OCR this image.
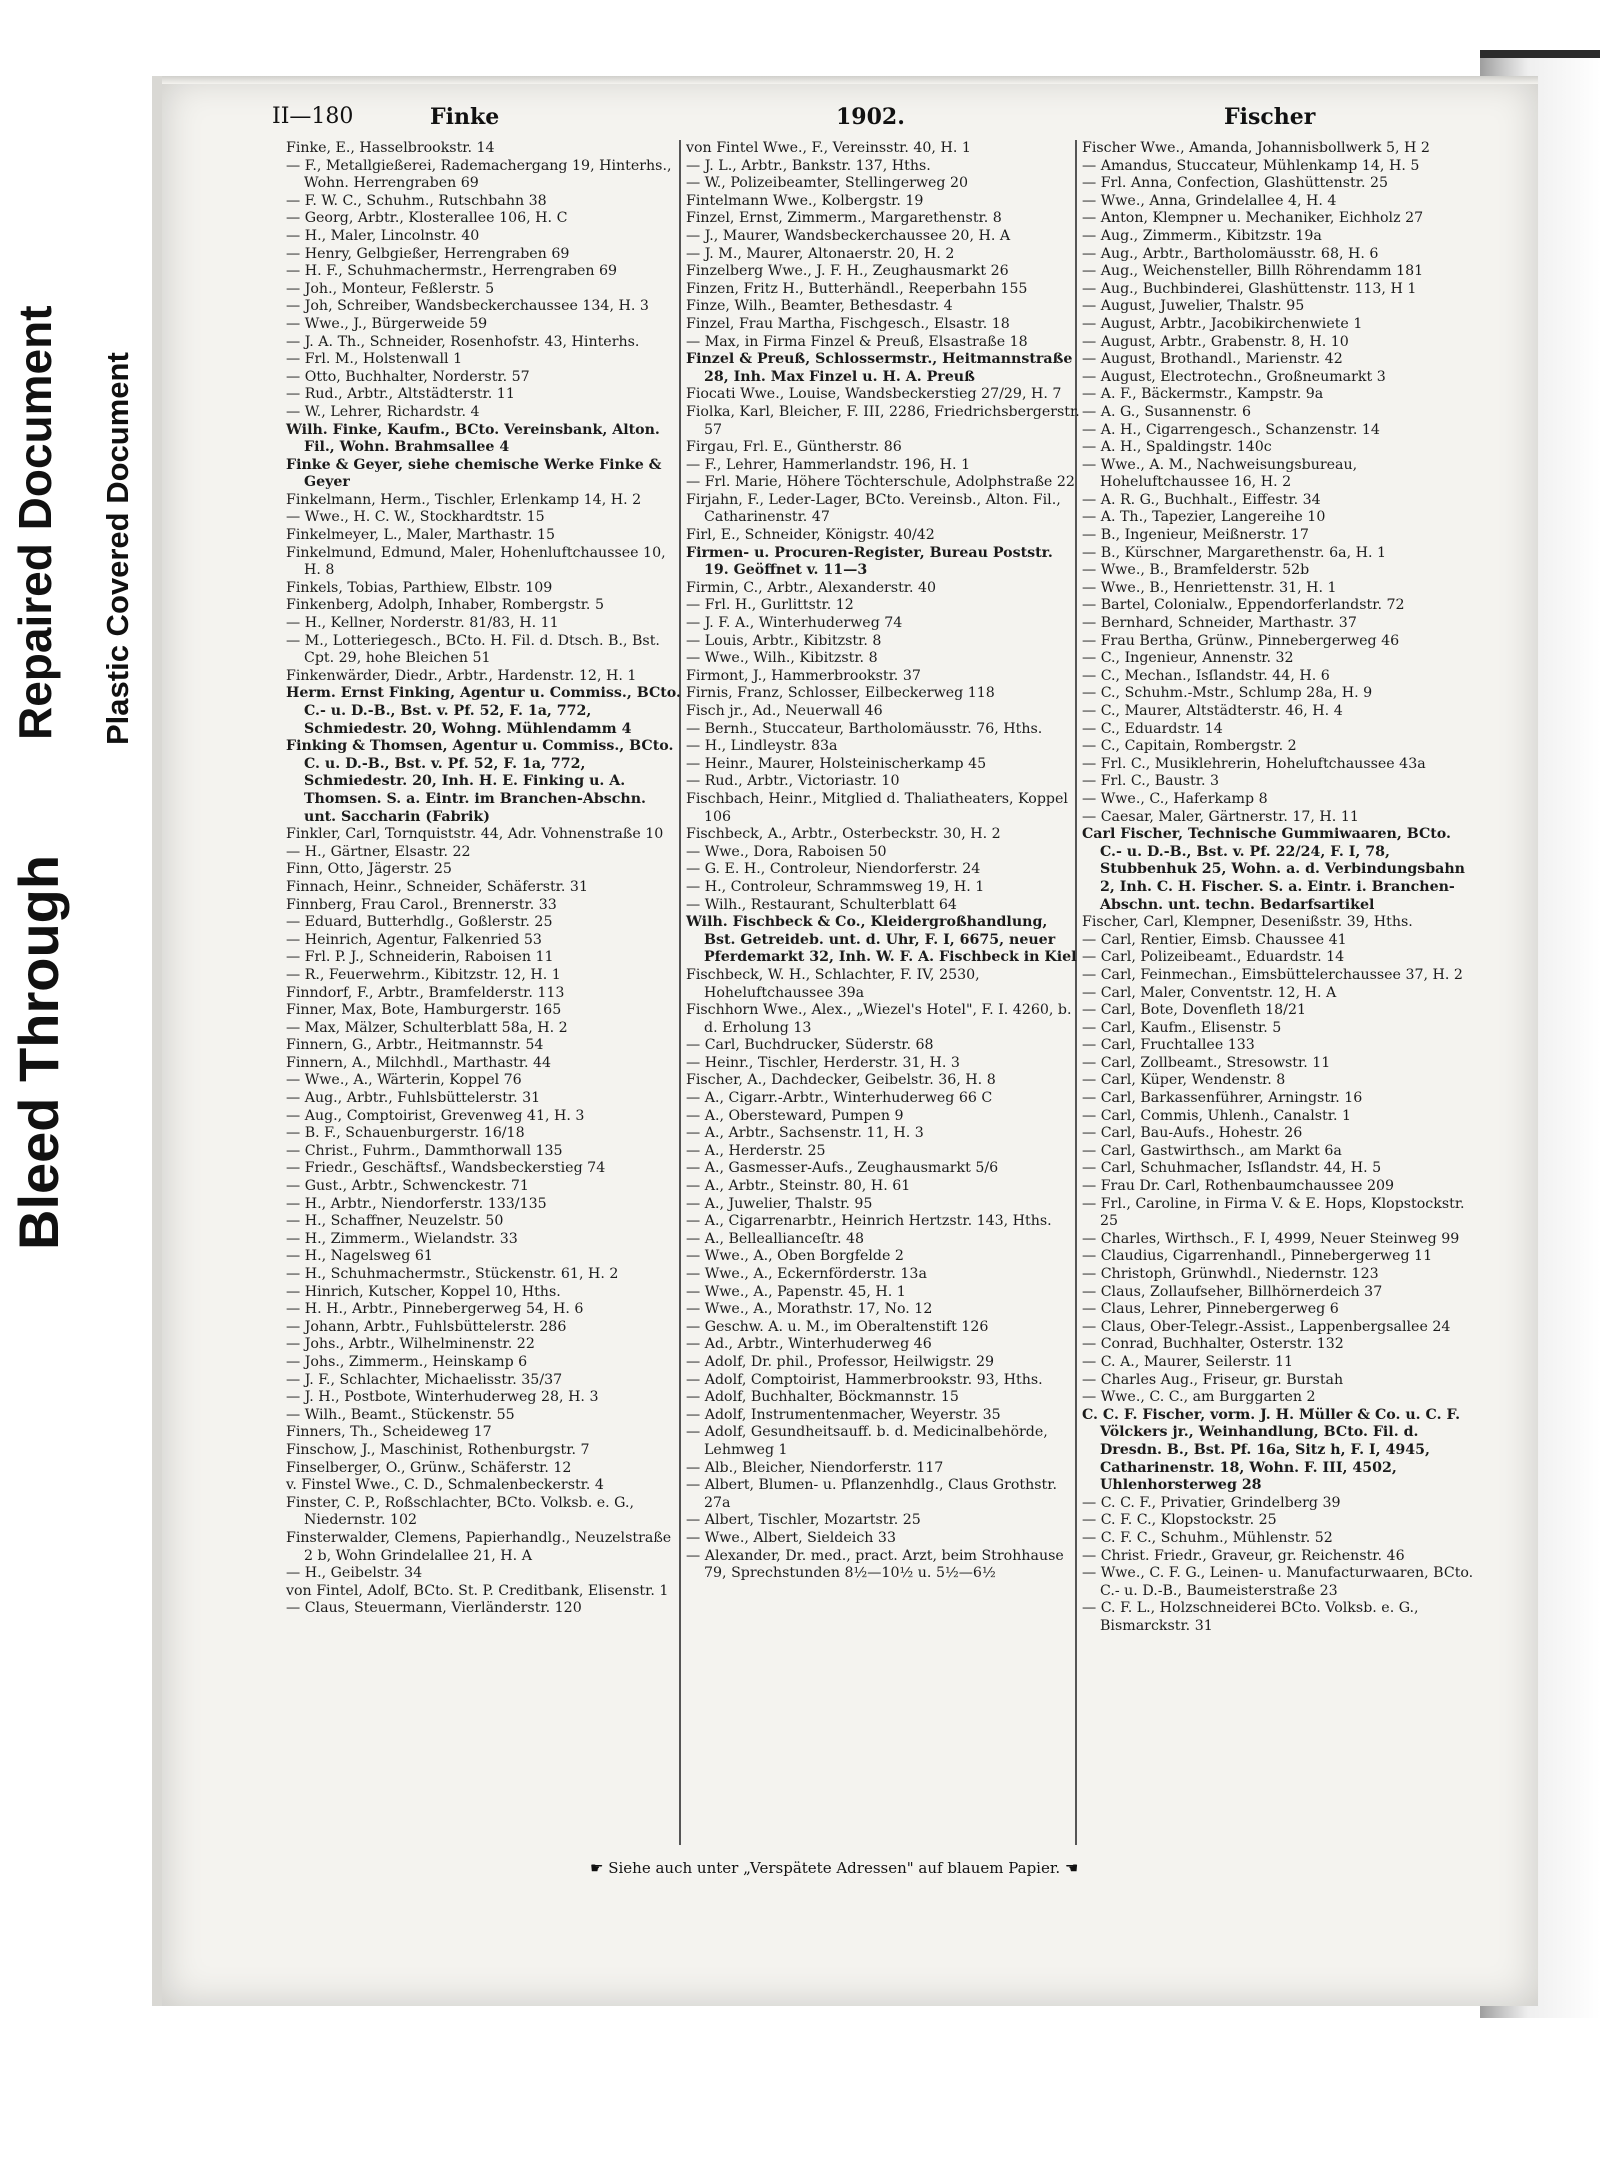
II—180	Finke	1902.	Fischer

Finke, E., Hasselbrookstr. 14

— F., Metallgießerei, Rademachergang 19, Hinterhs., Wohn. Herrengraben 69

— F. W. C., Schuhm., Rutschbahn 38

— Georg, Arbtr., Klosterallee 106, H. C

— H., Maler, Lincolnstr. 40

— Henry, Gelbgießer, Herrengraben 69

— H. F., Schuhmachermstr., Herrengraben 69

— Joh., Monteur, Feßlerstr. 5

— Joh, Schreiber, Wandsbeckerchaussee 134, H. 3

— Wwe., J., Bürgerweide 59

— J. A. Th., Schneider, Rosenhofstr. 43, Hinterhs.

— Frl. M., Holstenwall 1

— Otto, Buchhalter, Norderstr. 57

— Rud., Arbtr., Altstädterstr. 11

— W., Lehrer, Richardstr. 4

Wilh. Finke, Kaufm., BCto. Vereinsbank, Alton. Fil., Wohn. Brahmsallee 4

Finke & Geyer, siehe chemische Werke Finke & Geyer

Finkelmann, Herm., Tischler, Erlenkamp 14, H. 2

— Wwe., H. C. W., Stockhardtstr. 15

Finkelmeyer, L., Maler, Marthastr. 15

Finkelmund, Edmund, Maler, Hohenluftchaussee 10, H. 8

Finkels, Tobias, Parthiew, Elbstr. 109

Finkenberg, Adolph, Inhaber, Rombergstr. 5

— H., Kellner, Norderstr. 81/83, H. 11

— M., Lotteriegesch., BCto. H. Fil. d. Dtsch. B., Bst. Cpt. 29, hohe Bleichen 51

Finkenwärder, Diedr., Arbtr., Hardenstr. 12, H. 1

Herm. Ernst Finking, Agentur u. Commiss., BCto. C.- u. D.-B., Bst. v. Pf. 52, F. 1a, 772, Schmiedestr. 20, Wohng. Mühlendamm 4

Finking & Thomsen, Agentur u. Commiss., BCto. C. u. D.-B., Bst. v. Pf. 52, F. 1a, 772, Schmiedestr. 20, Inh. H. E. Finking u. A. Thomsen. S. a. Eintr. im Branchen-Abschn. unt. Saccharin (Fabrik)

Finkler, Carl, Tornquiststr. 44, Adr. Vohnenstraße 10

— H., Gärtner, Elsastr. 22

Finn, Otto, Jägerstr. 25

Finnach, Heinr., Schneider, Schäferstr. 31

Finnberg, Frau Carol., Brennerstr. 33

— Eduard, Butterhdlg., Goßlerstr. 25

— Heinrich, Agentur, Falkenried 53

— Frl. P. J., Schneiderin, Raboisen 11

— R., Feuerwehrm., Kibitzstr. 12, H. 1

Finndorf, F., Arbtr., Bramfelderstr. 113

Finner, Max, Bote, Hamburgerstr. 165

— Max, Mälzer, Schulterblatt 58a, H. 2

Finnern, G., Arbtr., Heitmannstr. 54

Finnern, A., Milchhdl., Marthastr. 44

— Wwe., A., Wärterin, Koppel 76

— Aug., Arbtr., Fuhlsbüttelerstr. 31

— Aug., Comptoirist, Grevenweg 41, H. 3

— B. F., Schauenburgerstr. 16/18

— Christ., Fuhrm., Dammthorwall 135

— Friedr., Geschäftsf., Wandsbeckerstieg 74

— Gust., Arbtr., Schwenckestr. 71

— H., Arbtr., Niendorferstr. 133/135

— H., Schaffner, Neuzelstr. 50

— H., Zimmerm., Wielandstr. 33

— H., Nagelsweg 61

— H., Schuhmachermstr., Stückenstr. 61, H. 2

— Hinrich, Kutscher, Koppel 10, Hths.

— H. H., Arbtr., Pinnebergerweg 54, H. 6

— Johann, Arbtr., Fuhlsbüttelerstr. 286

— Johs., Arbtr., Wilhelminenstr. 22

— Johs., Zimmerm., Heinskamp 6

— J. F., Schlachter, Michaelisstr. 35/37

— J. H., Postbote, Winterhuderweg 28, H. 3

— Wilh., Beamt., Stückenstr. 55

Finners, Th., Scheideweg 17

Finschow, J., Maschinist, Rothenburgstr. 7

Finselberger, O., Grünw., Schäferstr. 12

v. Finstel Wwe., C. D., Schmalenbeckerstr. 4

Finster, C. P., Roßschlachter, BCto. Volksb. e. G., Niedernstr. 102

Finsterwalder, Clemens, Papierhandlg., Neuzelstraße 2 b, Wohn Grindelallee 21, H. A

— H., Geibelstr. 34

von Fintel, Adolf, BCto. St. P. Creditbank, Elisenstr. 1

— Claus, Steuermann, Vierländerstr. 120

von Fintel Wwe., F., Vereinsstr. 40, H. 1

— J. L., Arbtr., Bankstr. 137, Hths.

— W., Polizeibeamter, Stellingerweg 20

Fintelmann Wwe., Kolbergstr. 19

Finzel, Ernst, Zimmerm., Margarethenstr. 8

— J., Maurer, Wandsbeckerchaussee 20, H. A

— J. M., Maurer, Altonaerstr. 20, H. 2

Finzelberg Wwe., J. F. H., Zeughausmarkt 26

Finzen, Fritz H., Butterhändl., Reeperbahn 155

Finze, Wilh., Beamter, Bethesdastr. 4

Finzel, Frau Martha, Fischgesch., Elsastr. 18

— Max, in Firma Finzel & Preuß, Elsastraße 18

Finzel & Preuß, Schlossermstr., Heitmannstraße 28, Inh. Max Finzel u. H. A. Preuß

Fiocati Wwe., Louise, Wandsbeckerstieg 27/29, H. 7

Fiolka, Karl, Bleicher, F. III, 2286, Friedrichsbergerstr. 57

Firgau, Frl. E., Güntherstr. 86

— F., Lehrer, Hammerlandstr. 196, H. 1

— Frl. Marie, Höhere Töchterschule, Adolphstraße 22

Firjahn, F., Leder-Lager, BCto. Vereinsb., Alton. Fil., Catharinenstr. 47

Firl, E., Schneider, Königstr. 40/42

Firmen- u. Procuren-Register, Bureau Poststr. 19. Geöffnet v. 11—3

Firmin, C., Arbtr., Alexanderstr. 40

— Frl. H., Gurlittstr. 12

— J. F. A., Winterhuderweg 74

— Louis, Arbtr., Kibitzstr. 8

— Wwe., Wilh., Kibitzstr. 8

Firmont, J., Hammerbrookstr. 37

Firnis, Franz, Schlosser, Eilbeckerweg 118

Fisch jr., Ad., Neuerwall 46

— Bernh., Stuccateur, Bartholomäusstr. 76, Hths.

— H., Lindleystr. 83a

— Heinr., Maurer, Holsteinischerkamp 45

— Rud., Arbtr., Victoriastr. 10

Fischbach, Heinr., Mitglied d. Thaliatheaters, Koppel 106

Fischbeck, A., Arbtr., Osterbeckstr. 30, H. 2

— Wwe., Dora, Raboisen 50

— G. E. H., Controleur, Niendorferstr. 24

— H., Controleur, Schrammsweg 19, H. 1

— Wilh., Restaurant, Schulterblatt 64

Wilh. Fischbeck & Co., Kleidergroßhandlung, Bst. Getreideb. unt. d. Uhr, F. I, 6675, neuer Pferdemarkt 32, Inh. W. F. A. Fischbeck in Kiel

Fischbeck, W. H., Schlachter, F. IV, 2530, Hoheluftchaussee 39a

Fischhorn Wwe., Alex., „Wiezel's Hotel", F. I. 4260, b. d. Erholung 13

— Carl, Buchdrucker, Süderstr. 68

— Heinr., Tischler, Herderstr. 31, H. 3

Fischer, A., Dachdecker, Geibelstr. 36, H. 8

— A., Cigarr.-Arbtr., Winterhuderweg 66 C

— A., Obersteward, Pumpen 9

— A., Arbtr., Sachsenstr. 11, H. 3

— A., Herderstr. 25

— A., Gasmesser-Aufs., Zeughausmarkt 5/6

— A., Arbtr., Steinstr. 80, H. 61

— A., Juwelier, Thalstr. 95

— A., Cigarrenarbtr., Heinrich Hertzstr. 143, Hths.

— A., Belleallianceſtr. 48

— Wwe., A., Oben Borgfelde 2

— Wwe., A., Eckernförderstr. 13a

— Wwe., A., Papenstr. 45, H. 1

— Wwe., A., Morathstr. 17, No. 12

— Geschw. A. u. M., im Oberaltenstift 126

— Ad., Arbtr., Winterhuderweg 46

— Adolf, Dr. phil., Professor, Heilwigstr. 29

— Adolf, Comptoirist, Hammerbrookstr. 93, Hths.

— Adolf, Buchhalter, Böckmannstr. 15

— Adolf, Instrumentenmacher, Weyerstr. 35

— Adolf, Gesundheitsauff. b. d. Medicinalbehörde, Lehmweg 1

— Alb., Bleicher, Niendorferstr. 117

— Albert, Blumen- u. Pflanzenhdlg., Claus Grothstr. 27a

— Albert, Tischler, Mozartstr. 25

— Wwe., Albert, Sieldeich 33

— Alexander, Dr. med., pract. Arzt, beim Strohhause 79, Sprechstunden 8½—10½ u. 5½—6½

Fischer Wwe., Amanda, Johannisbollwerk 5, H 2

— Amandus, Stuccateur, Mühlenkamp 14, H. 5

— Frl. Anna, Confection, Glashüttenstr. 25

— Wwe., Anna, Grindelallee 4, H. 4

— Anton, Klempner u. Mechaniker, Eichholz 27

— Aug., Zimmerm., Kibitzstr. 19a

— Aug., Arbtr., Bartholomäusstr. 68, H. 6

— Aug., Weichensteller, Billh Röhrendamm 181

— Aug., Buchbinderei, Glashüttenstr. 113, H 1

— August, Juwelier, Thalstr. 95

— August, Arbtr., Jacobikirchenwiete 1

— August, Arbtr., Grabenstr. 8, H. 10

— August, Brothandl., Marienstr. 42

— August, Electrotechn., Großneumarkt 3

— A. F., Bäckermstr., Kampstr. 9a

— A. G., Susannenstr. 6

— A. H., Cigarrengesch., Schanzenstr. 14

— A. H., Spaldingstr. 140c

— Wwe., A. M., Nachweisungsbureau, Hoheluftchaussee 16, H. 2

— A. R. G., Buchhalt., Eiffestr. 34

— A. Th., Tapezier, Langereihe 10

— B., Ingenieur, Meißnerstr. 17

— B., Kürschner, Margarethenstr. 6a, H. 1

— Wwe., B., Bramfelderstr. 52b

— Wwe., B., Henriettenstr. 31, H. 1

— Bartel, Colonialw., Eppendorferlandstr. 72

— Bernhard, Schneider, Marthastr. 37

— Frau Bertha, Grünw., Pinnebergerweg 46

— C., Ingenieur, Annenstr. 32

— C., Mechan., Isſlandstr. 44, H. 6

— C., Schuhm.-Mstr., Schlump 28a, H. 9

— C., Maurer, Altstädterstr. 46, H. 4

— C., Eduardstr. 14

— C., Capitain, Rombergstr. 2

— Frl. C., Musiklehrerin, Hoheluftchaussee 43a

— Frl. C., Baustr. 3

— Wwe., C., Haferkamp 8

— Caesar, Maler, Gärtnerstr. 17, H. 11

Carl Fischer, Technische Gummiwaaren, BCto. C.- u. D.-B., Bst. v. Pf. 22/24, F. I, 78, Stubbenhuk 25, Wohn. a. d. Verbindungsbahn 2, Inh. C. H. Fischer. S. a. Eintr. i. Branchen-Abschn. unt. techn. Bedarfsartikel

Fischer, Carl, Klempner, Desenißstr. 39, Hths.

— Carl, Rentier, Eimsb. Chaussee 41

— Carl, Polizeibeamt., Eduardstr. 14

— Carl, Feinmechan., Eimsbüttelerchaussee 37, H. 2

— Carl, Maler, Conventstr. 12, H. A

— Carl, Bote, Dovenfleth 18/21

— Carl, Kaufm., Elisenstr. 5

— Carl, Fruchtallee 133

— Carl, Zollbeamt., Stresowstr. 11

— Carl, Küper, Wendenstr. 8

— Carl, Barkassenführer, Arningstr. 16

— Carl, Commis, Uhlenh., Canalstr. 1

— Carl, Bau-Aufs., Hohestr. 26

— Carl, Gastwirthsch., am Markt 6a

— Carl, Schuhmacher, Isſlandstr. 44, H. 5

— Frau Dr. Carl, Rothenbaumchaussee 209

— Frl., Caroline, in Firma V. & E. Hops, Klopstockstr. 25

— Charles, Wirthsch., F. I, 4999, Neuer Steinweg 99

— Claudius, Cigarrenhandl., Pinnebergerweg 11

— Christoph, Grünwhdl., Niedernstr. 123

— Claus, Zollaufseher, Billhörnerdeich 37

— Claus, Lehrer, Pinnebergerweg 6

— Claus, Ober-Telegr.-Assist., Lappenbergsallee 24

— Conrad, Buchhalter, Osterstr. 132

— C. A., Maurer, Seilerstr. 11

— Charles Aug., Friseur, gr. Burstah

— Wwe., C. C., am Burggarten 2

C. C. F. Fischer, vorm. J. H. Müller & Co. u. C. F. Völckers jr., Weinhandlung, BCto. Fil. d. Dresdn. B., Bst. Pf. 16a, Sitz h, F. I, 4945, Catharinenstr. 18, Wohn. F. III, 4502, Uhlenhorsterweg 28

— C. C. F., Privatier, Grindelberg 39

— C. F. C., Klopstockstr. 25

— C. F. C., Schuhm., Mühlenstr. 52

— Christ. Friedr., Graveur, gr. Reichenstr. 46

— Wwe., C. F. G., Leinen- u. Manufacturwaaren, BCto. C.- u. D.-B., Baumeisterstraße 23

— C. F. L., Holzschneiderei BCto. Volksb. e. G., Bismarckstr. 31

☛ Siehe auch unter „Verspätete Adressen" auf blauem Papier. ☚
Bleed Through
Repaired Document Plastic Covered Document
